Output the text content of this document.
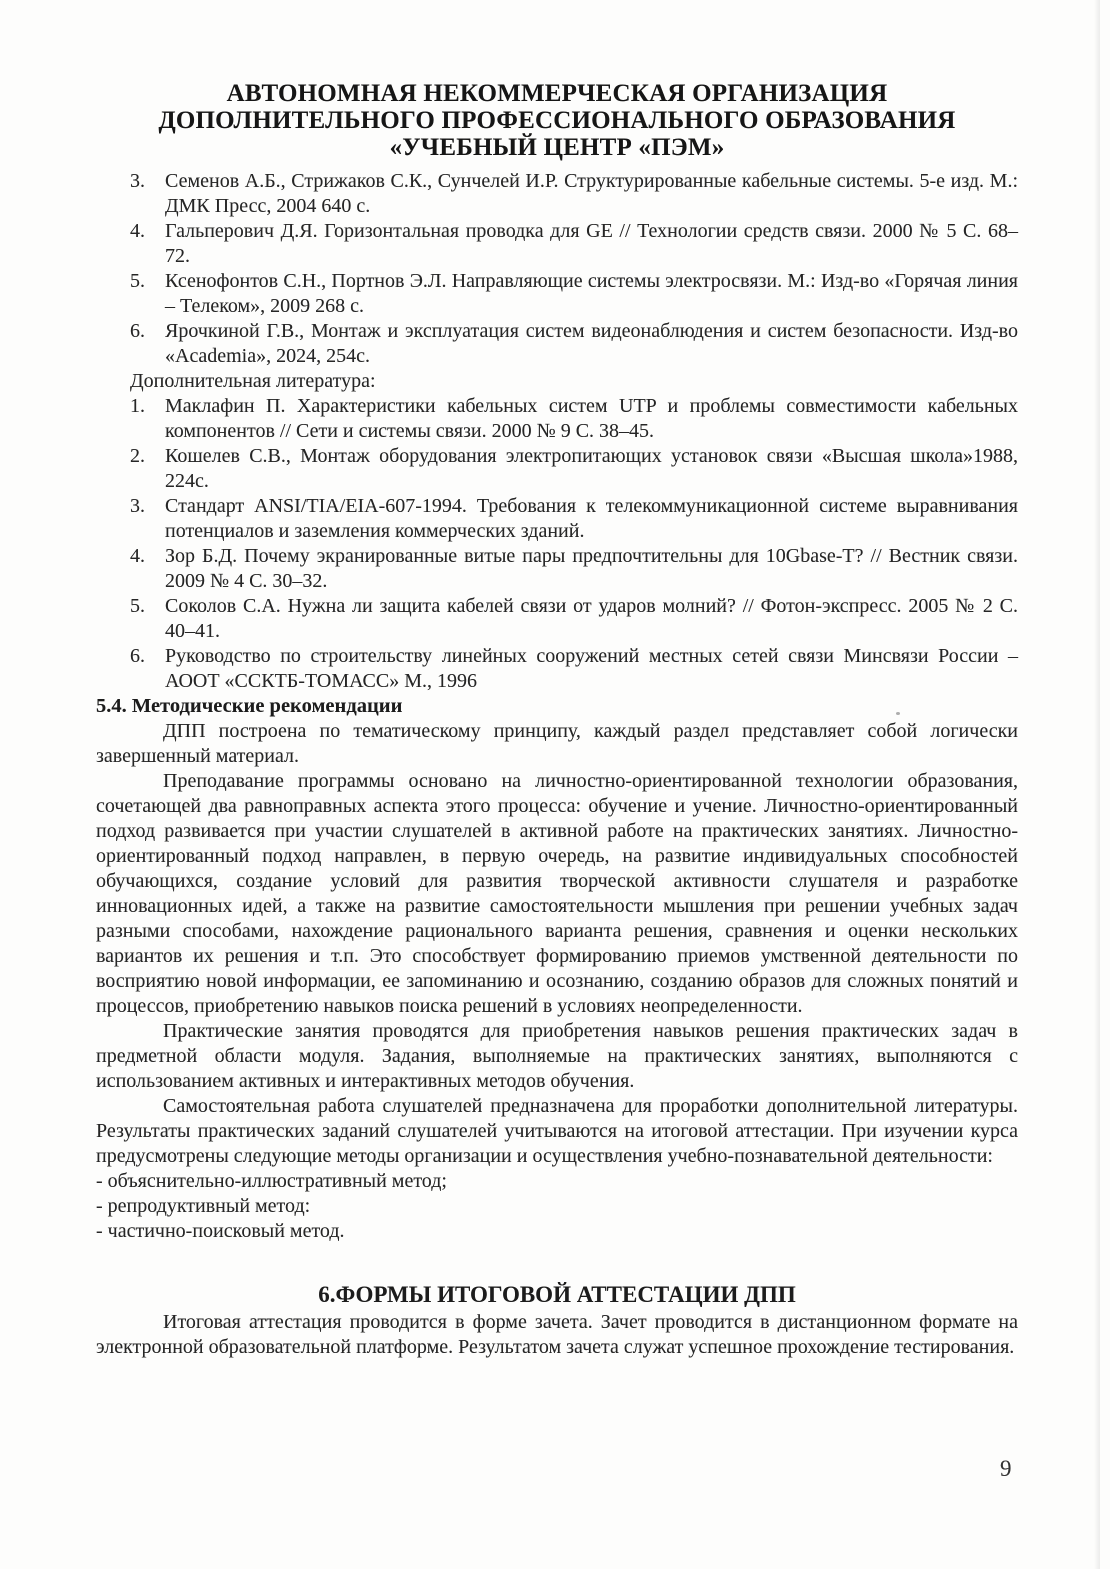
АВТОНОМНАЯ НЕКОММЕРЧЕСКАЯ ОРГАНИЗАЦИЯ
ДОПОЛНИТЕЛЬНОГО ПРОФЕССИОНАЛЬНОГО ОБРАЗОВАНИЯ
«УЧЕБНЫЙ ЦЕНТР «ПЭМ»
3.	Семенов А.Б., Стрижаков С.К., Сунчелей И.Р. Структурированные кабельные системы. 5-е изд. М.: ДМК Пресс, 2004 640 с.
4.	Гальперович Д.Я. Горизонтальная проводка для GE // Технологии средств связи. 2000 № 5 С. 68–72.
5.	Ксенофонтов С.Н., Портнов Э.Л. Направляющие системы электросвязи. М.: Изд-во «Горячая линия – Телеком», 2009 268 с.
6.	Ярочкиной Г.В., Монтаж и эксплуатация систем видеонаблюдения и систем безопасности. Изд-во «Academia», 2024, 254с.
Дополнительная литература:
1.	Маклафин П. Характеристики кабельных систем UTP и проблемы совместимости кабельных компонентов // Сети и системы связи. 2000 № 9 С. 38–45.
2.	Кошелев С.В., Монтаж оборудования электропитающих установок связи «Высшая школа»1988, 224с.
3.	Стандарт ANSI/TIA/EIA-607-1994. Требования к телекоммуникационной системе выравнивания потенциалов и заземления коммерческих зданий.
4.	Зор Б.Д. Почему экранированные витые пары предпочтительны для 10Gbase-T? // Вестник связи. 2009 № 4 С. 30–32.
5.	Соколов С.А. Нужна ли защита кабелей связи от ударов молний? // Фотон-экспресс. 2005 № 2 С. 40–41.
6.	Руководство по строительству линейных сооружений местных сетей связи Минсвязи России – АООТ «ССКТБ-ТОМАСС» М., 1996
5.4. Методические рекомендации

ДПП построена по тематическому принципу, каждый раздел представляет собой логически завершенный материал.

Преподавание программы основано на личностно-ориентированной технологии образования, сочетающей два равноправных аспекта этого процесса: обучение и учение. Личностно-ориентированный подход развивается при участии слушателей в активной работе на практических занятиях. Личностно-ориентированный подход направлен, в первую очередь, на развитие индивидуальных способностей обучающихся, создание условий для развития творческой активности слушателя и разработке инновационных идей, а также на развитие самостоятельности мышления при решении учебных задач разными способами, нахождение рационального варианта решения, сравнения и оценки нескольких вариантов их решения и т.п. Это способствует формированию приемов умственной деятельности по восприятию новой информации, ее запоминанию и осознанию, созданию образов для сложных понятий и процессов, приобретению навыков поиска решений в условиях неопределенности.

Практические занятия проводятся для приобретения навыков решения практических задач в предметной области модуля. Задания, выполняемые на практических занятиях, выполняются с использованием активных и интерактивных методов обучения.

Самостоятельная работа слушателей предназначена для проработки дополнительной литературы. Результаты практических заданий слушателей учитываются на итоговой аттестации. При изучении курса предусмотрены следующие методы организации и осуществления учебно-познавательной деятельности:

- объяснительно-иллюстративный метод;
- репродуктивный метод:
- частично-поисковый метод.
6.ФОРМЫ ИТОГОВОЙ АТТЕСТАЦИИ ДПП

Итоговая аттестация проводится в форме зачета. Зачет проводится в дистанционном формате на электронной образовательной платформе. Результатом зачета служат успешное прохождение тестирования.

9
